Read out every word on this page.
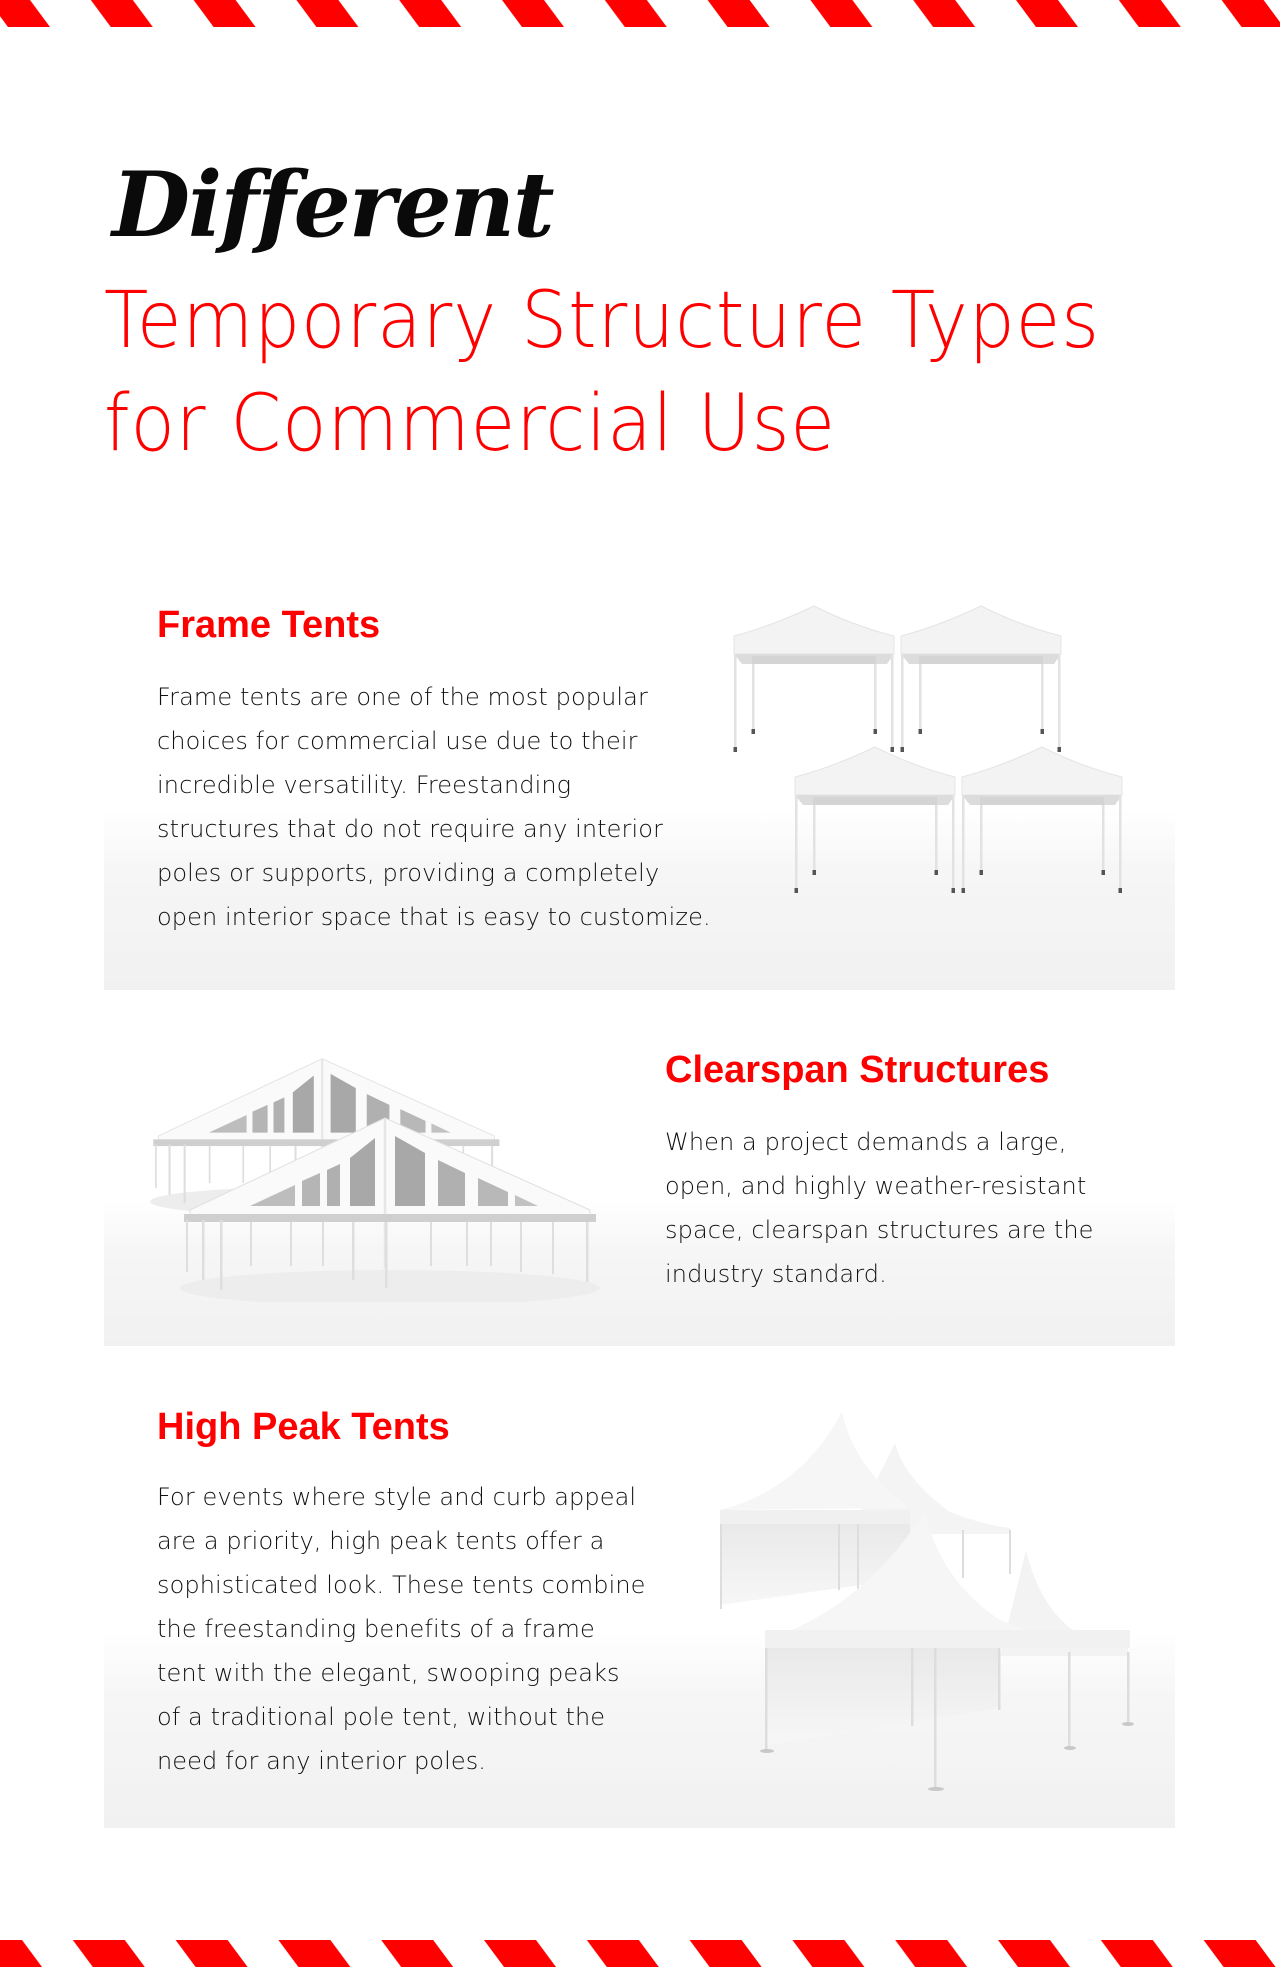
Different
Temporary Structure Types
for Commercial Use
Frame Tents
Frame tents are one of the most popular
choices for commercial use due to their
incredible versatility. Freestanding
structures that do not require any interior
poles or supports, providing a completely
open interior space that is easy to customize.
Clearspan Structures
When a project demands a large,
open, and highly weather-resistant
space, clearspan structures are the
industry standard.
High Peak Tents
For events where style and curb appeal
are a priority, high peak tents offer a
sophisticated look. These tents combine
the freestanding benefits of a frame
tent with the elegant, swooping peaks
of a traditional pole tent, without the
need for any interior poles.
